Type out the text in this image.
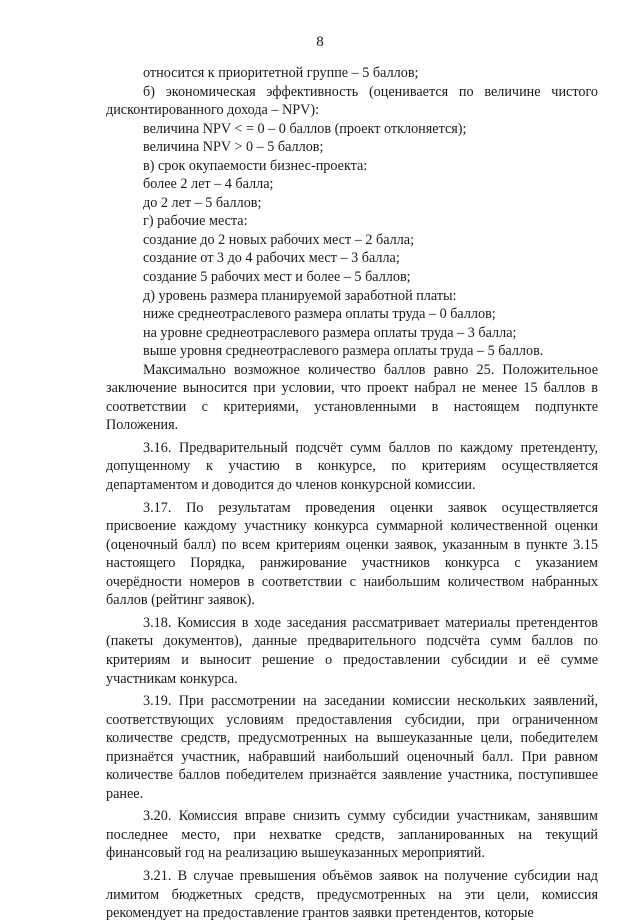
8

относится к приоритетной группе – 5 баллов;

б) экономическая эффективность (оценивается по величине чистого

дисконтированного дохода – NPV):

величина NPV < = 0 – 0 баллов (проект отклоняется);

величина NPV > 0 – 5 баллов;

в) срок окупаемости бизнес-проекта:

более 2 лет – 4 балла;

до 2 лет – 5 баллов;

г) рабочие места:

создание до 2 новых рабочих мест – 2 балла;

создание от 3 до 4 рабочих мест – 3 балла;

создание 5 рабочих мест и более – 5 баллов;

д) уровень размера планируемой заработной платы:

ниже среднеотраслевого размера оплаты труда – 0 баллов;

на уровне среднеотраслевого размера оплаты труда – 3 балла;

выше уровня среднеотраслевого размера оплаты труда – 5 баллов.

Максимально возможное количество баллов равно 25. Положительное заключение выносится при условии, что проект набрал не менее 15 баллов в соответствии с критериями, установленными в настоящем подпункте Положения.

3.16. Предварительный подсчёт сумм баллов по каждому претенденту, допущенному к участию в конкурсе, по критериям осуществляется департаментом и доводится до членов конкурсной комиссии.

3.17. По результатам проведения оценки заявок осуществляется присвоение каждому участнику конкурса суммарной количественной оценки (оценочный балл) по всем критериям оценки заявок, указанным в пункте 3.15 настоящего Порядка, ранжирование участников конкурса с указанием очерёдности номеров в соответствии с наибольшим количеством набранных баллов (рейтинг заявок).

3.18. Комиссия в ходе заседания рассматривает материалы претендентов (пакеты документов), данные предварительного подсчёта сумм баллов по критериям и выносит решение о предоставлении субсидии и её сумме участникам конкурса.

3.19. При рассмотрении на заседании комиссии нескольких заявлений, соответствующих условиям предоставления субсидии, при ограниченном количестве средств, предусмотренных на вышеуказанные цели, победителем признаётся участник, набравший наибольший оценочный балл. При равном количестве баллов победителем признаётся заявление участника, поступившее ранее.

3.20. Комиссия вправе снизить сумму субсидии участникам, занявшим последнее место, при нехватке средств, запланированных на текущий финансовый год на реализацию вышеуказанных мероприятий.

3.21. В случае превышения объёмов заявок на получение субсидии над лимитом бюджетных средств, предусмотренных на эти цели, комиссия рекомендует на предоставление грантов заявки претендентов, которые
